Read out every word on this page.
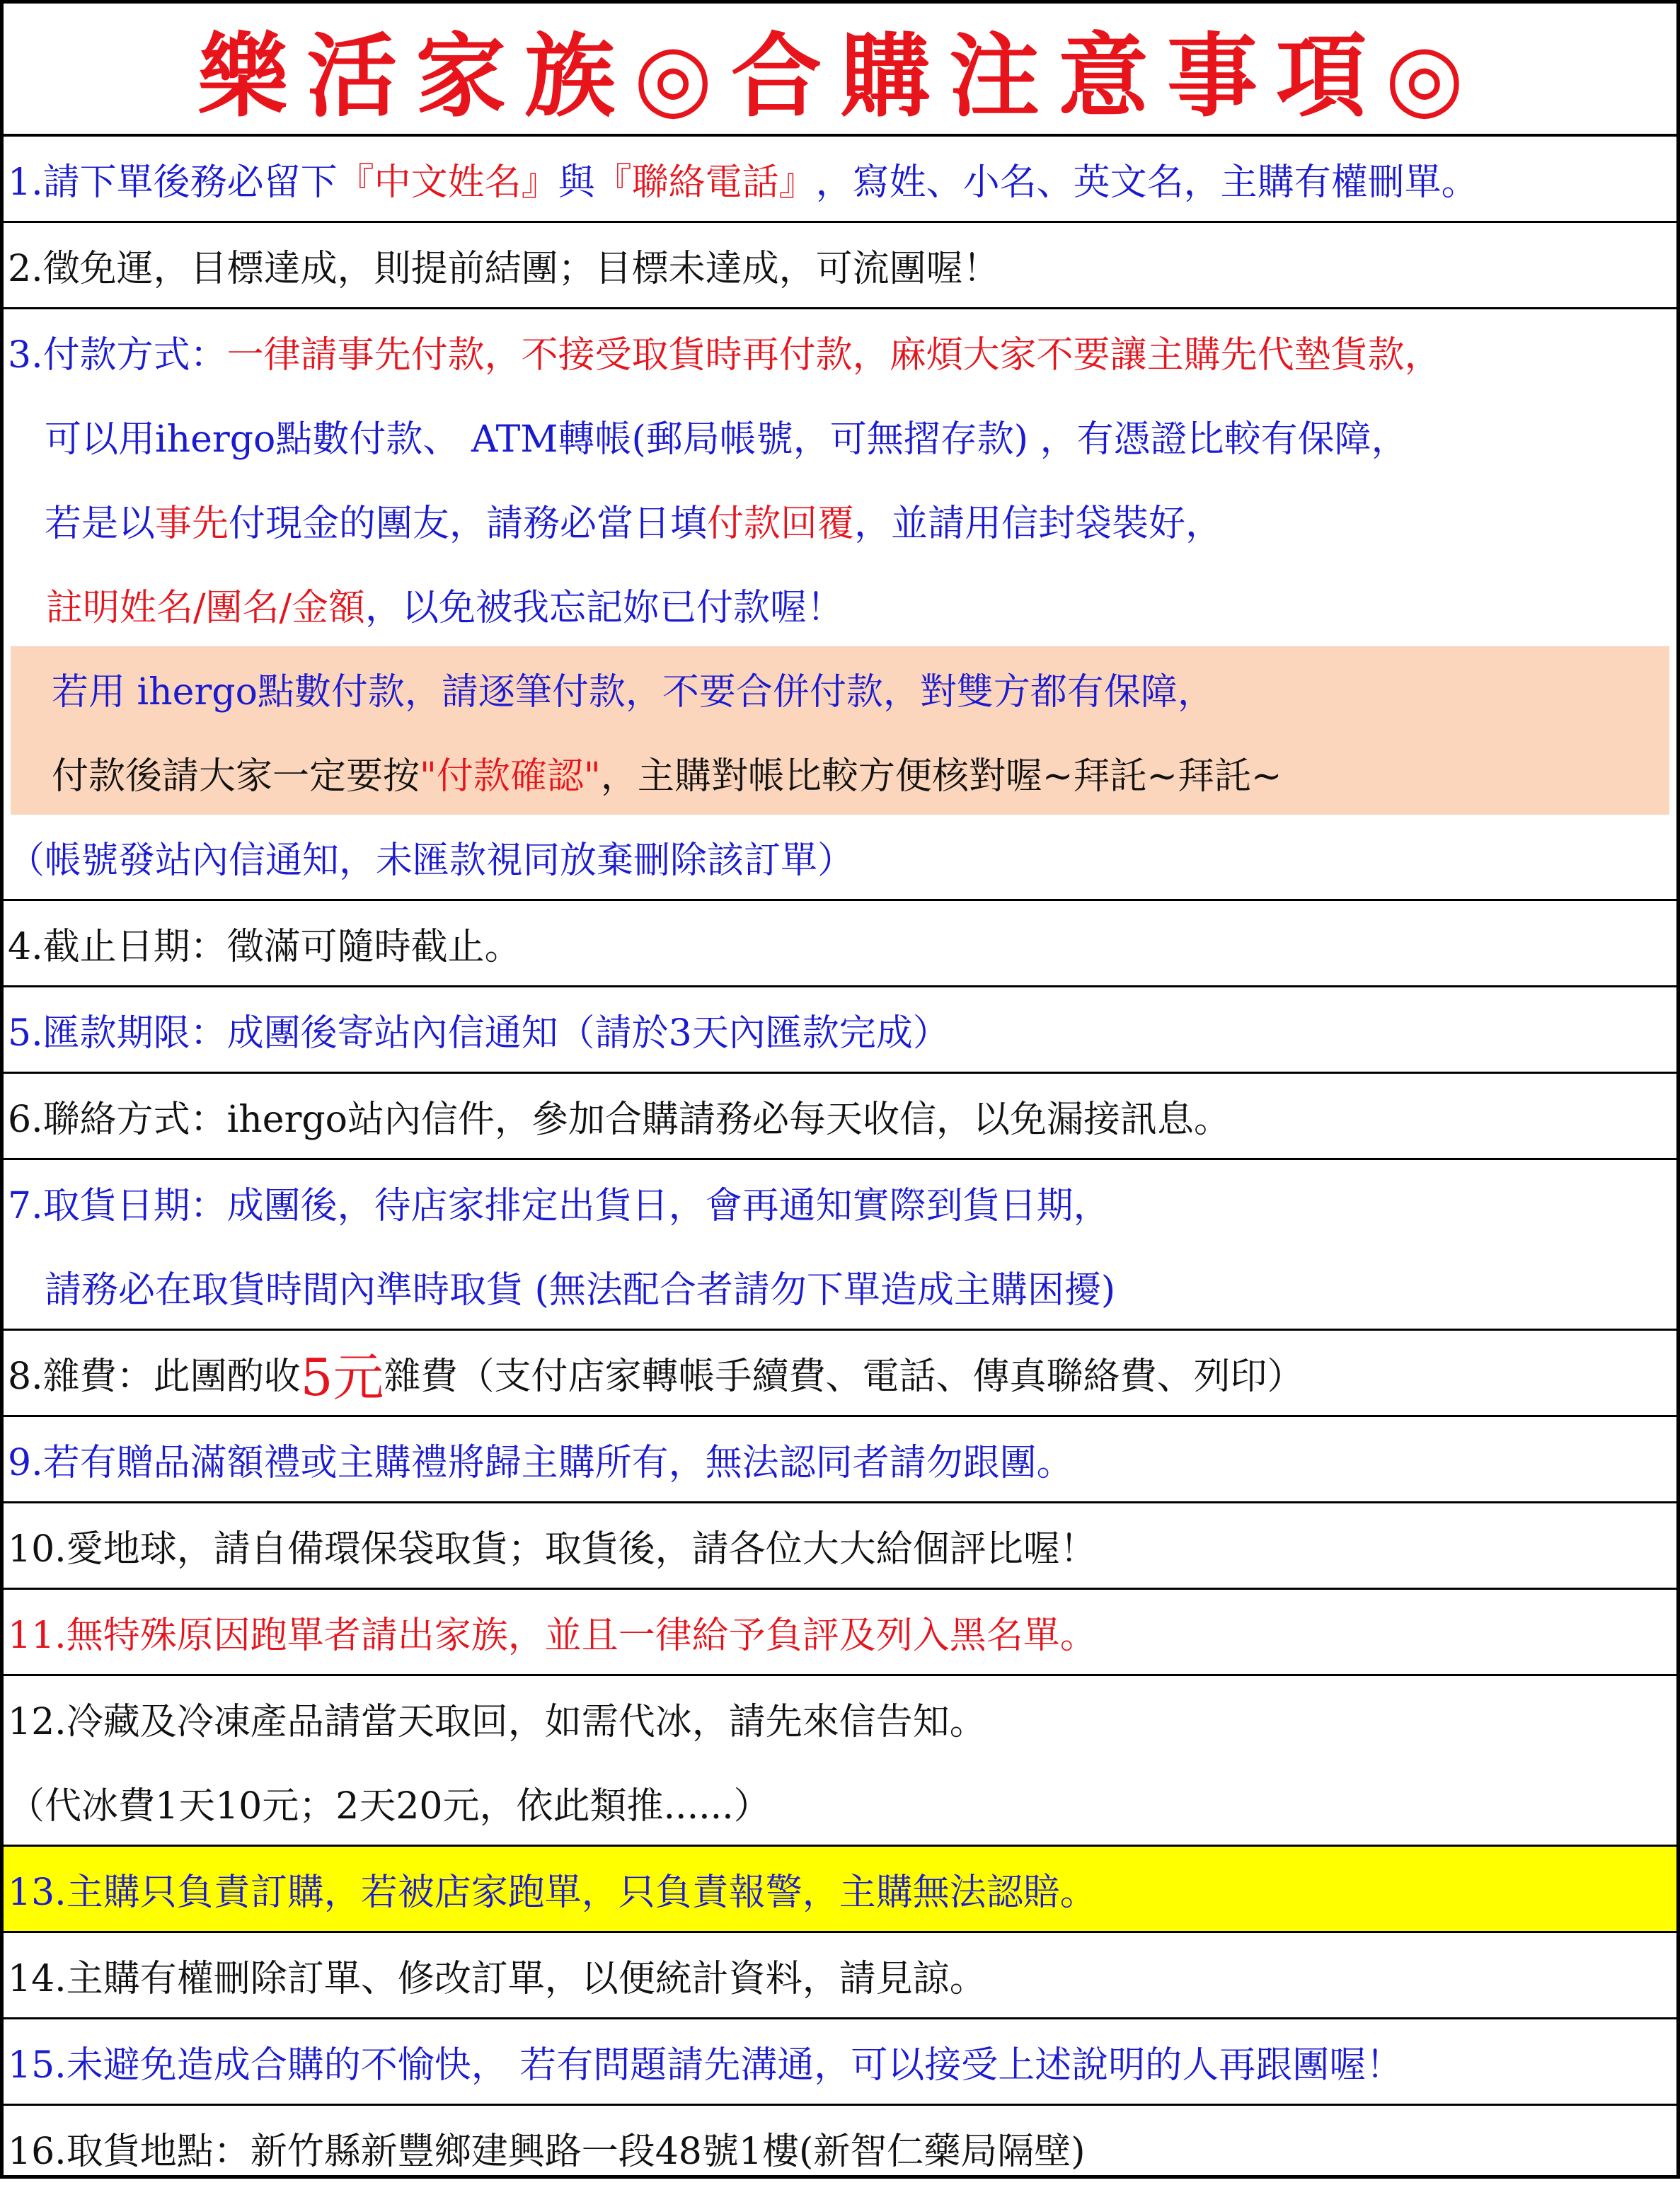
樂活家族◎合購注意事項◎
1.請下單後務必留下 『中文姓名』 與 『聯絡電話』 ，寫姓、小名、英文名，主購有權刪單。
2.徵免運，目標達成，則提前結團；目標未達成，可流團喔！
3.付款方式： 一律請事先付款，不接受取貨時再付款，麻煩大家不要讓主購先代墊貨款，
可以用ihergo點數付款、 ATM轉帳(郵局帳號，可無摺存款) ，有憑證比較有保障，
若是以 事先 付現金的團友，請務必當日填 付款回覆 ，並請用信封袋裝好，
註明姓名/團名/金額 ，以免被我忘記妳已付款喔！
若用 ihergo點數付款，請逐筆付款，不要合併付款，對雙方都有保障，
付款後請大家一定要按 "付款確認" ，主購對帳比較方便核對喔~拜託~拜託~
（帳號發站內信通知，未匯款視同放棄刪除該訂單）
4.截止日期：徵滿可隨時截止。
5.匯款期限：成團後寄站內信通知（請於3天內匯款完成）
6.聯絡方式：ihergo站內信件，參加合購請務必每天收信，以免漏接訊息。
7.取貨日期：成團後，待店家排定出貨日，會再通知實際到貨日期，
請務必在取貨時間內準時取貨 (無法配合者請勿下單造成主購困擾)
8.雜費：此團酌收 5元 雜費（支付店家轉帳手續費、電話、傳真聯絡費、列印）
9.若有贈品滿額禮或主購禮將歸主購所有，無法認同者請勿跟團。
10.愛地球，請自備環保袋取貨；取貨後，請各位大大給個評比喔！
11.無特殊原因跑單者請出家族，並且一律給予負評及列入黑名單。
12.冷藏及冷凍產品請當天取回，如需代冰，請先來信告知。
（代冰費1天10元；2天20元，依此類推......）
13.主購只負責訂購，若被店家跑單，只負責報警，主購無法認賠。
14.主購有權刪除訂單、修改訂單，以便統計資料，請見諒。
15.未避免造成合購的不愉快， 若有問題請先溝通，可以接受上述說明的人再跟團喔！
16.取貨地點：新竹縣新豐鄉建興路一段48號1樓(新智仁藥局隔壁)
